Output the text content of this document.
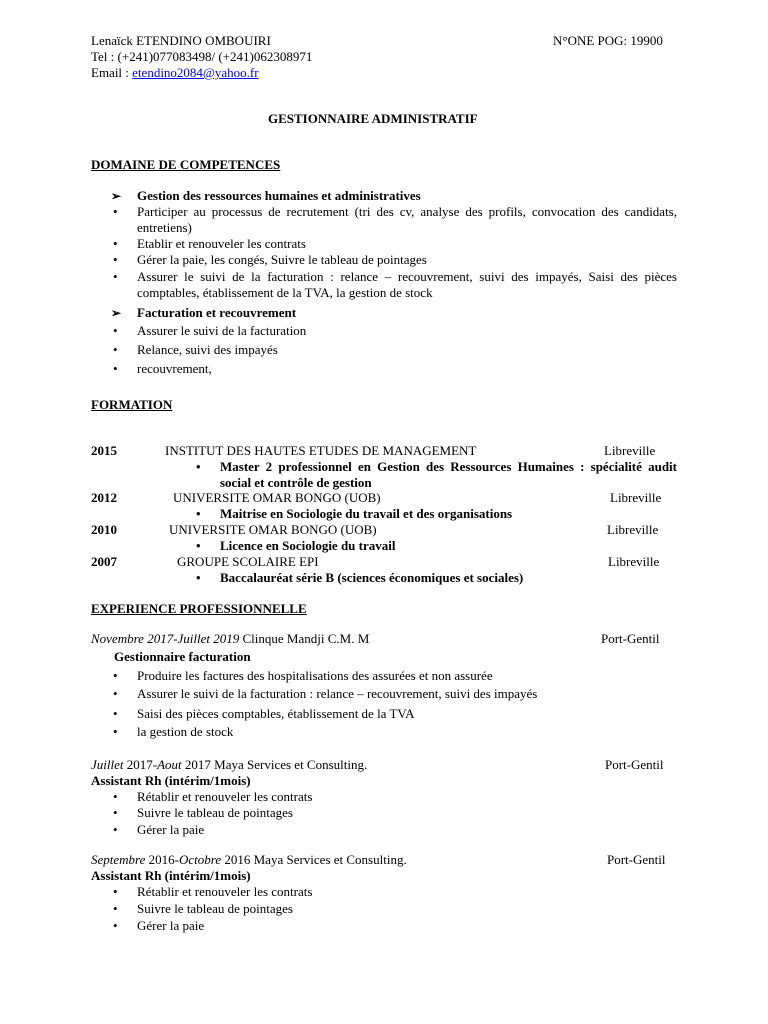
Lenaïck ETENDINO OMBOUIRI	N°ONE POG: 19900
Tel : (+241)077083498/ (+241)062308971
Email : etendino2084@yahoo.fr
GESTIONNAIRE ADMINISTRATIF
DOMAINE DE COMPETENCES
➢ Gestion des ressources humaines et administratives
• Participer au processus de recrutement (tri des cv, analyse des profils, convocation des candidats, entretiens)
• Etablir et renouveler les contrats
• Gérer la paie, les congés, Suivre le tableau de pointages
• Assurer le suivi de la facturation : relance – recouvrement, suivi des impayés, Saisi des pièces comptables, établissement de la TVA, la gestion de stock
➢ Facturation et recouvrement
• Assurer le suivi de la facturation
• Relance, suivi des impayés
• recouvrement,
FORMATION
2015	INSTITUT DES HAUTES ETUDES DE MANAGEMENT	Libreville
• Master 2 professionnel en Gestion des Ressources Humaines : spécialité audit social et contrôle de gestion
2012	UNIVERSITE OMAR BONGO (UOB)	Libreville
• Maitrise en Sociologie du travail et des organisations
2010	UNIVERSITE OMAR BONGO (UOB)	Libreville
• Licence en Sociologie du travail
2007	GROUPE SCOLAIRE EPI	Libreville
• Baccalauréat série B (sciences économiques et sociales)
EXPERIENCE PROFESSIONNELLE
Novembre 2017-Juillet 2019 Clinque Mandji C.M. M	Port-Gentil
Gestionnaire facturation
• Produire les factures des hospitalisations des assurées et non assurée
• Assurer le suivi de la facturation : relance – recouvrement, suivi des impayés
• Saisi des pièces comptables, établissement de la TVA
• la gestion de stock
Juillet 2017-Aout 2017 Maya Services et Consulting.	Port-Gentil
Assistant Rh (intérim/1mois)
• Rétablir et renouveler les contrats
• Suivre le tableau de pointages
• Gérer la paie
Septembre 2016-Octobre 2016 Maya Services et Consulting.	Port-Gentil
Assistant Rh (intérim/1mois)
• Rétablir et renouveler les contrats
• Suivre le tableau de pointages
• Gérer la paie
